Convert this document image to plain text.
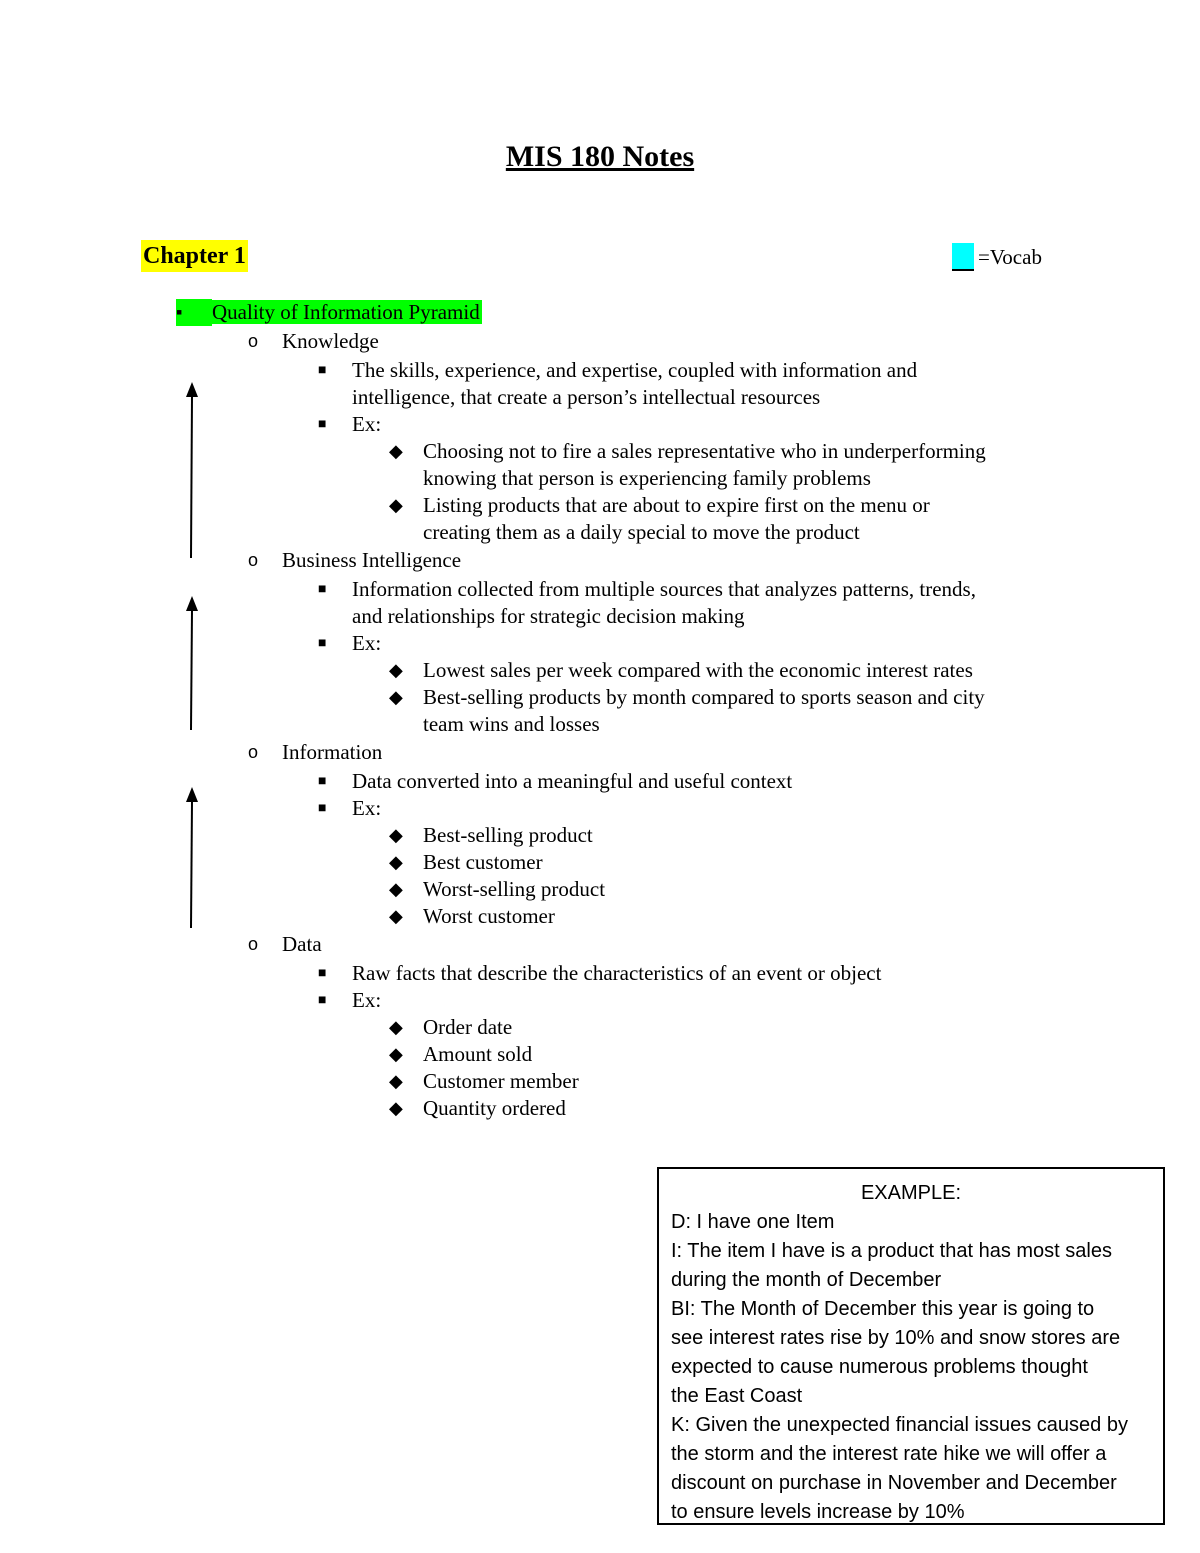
MIS 180 Notes
Chapter 1	=Vocab
▪	Quality of Information Pyramid
o Knowledge
■ The skills, experience, and expertise, coupled with information and
intelligence, that create a person’s intellectual resources
■ Ex:
◆ Choosing not to fire a sales representative who in underperforming
knowing that person is experiencing family problems
◆ Listing products that are about to expire first on the menu or
creating them as a daily special to move the product
o Business Intelligence
■ Information collected from multiple sources that analyzes patterns, trends,
and relationships for strategic decision making
■ Ex:
◆ Lowest sales per week compared with the economic interest rates
◆ Best-selling products by month compared to sports season and city
team wins and losses
o Information
■ Data converted into a meaningful and useful context
■ Ex:
◆ Best-selling product
◆ Best customer
◆ Worst-selling product
◆ Worst customer
o Data
■ Raw facts that describe the characteristics of an event or object
■ Ex:
◆ Order date
◆ Amount sold
◆ Customer member
◆ Quantity ordered
EXAMPLE:
D: I have one Item
I: The item I have is a product that has most sales
during the month of December
BI: The Month of December this year is going to
see interest rates rise by 10% and snow stores are
expected to cause numerous problems thought
the East Coast
K: Given the unexpected financial issues caused by
the storm and the interest rate hike we will offer a
discount on purchase in November and December
to ensure levels increase by 10%
